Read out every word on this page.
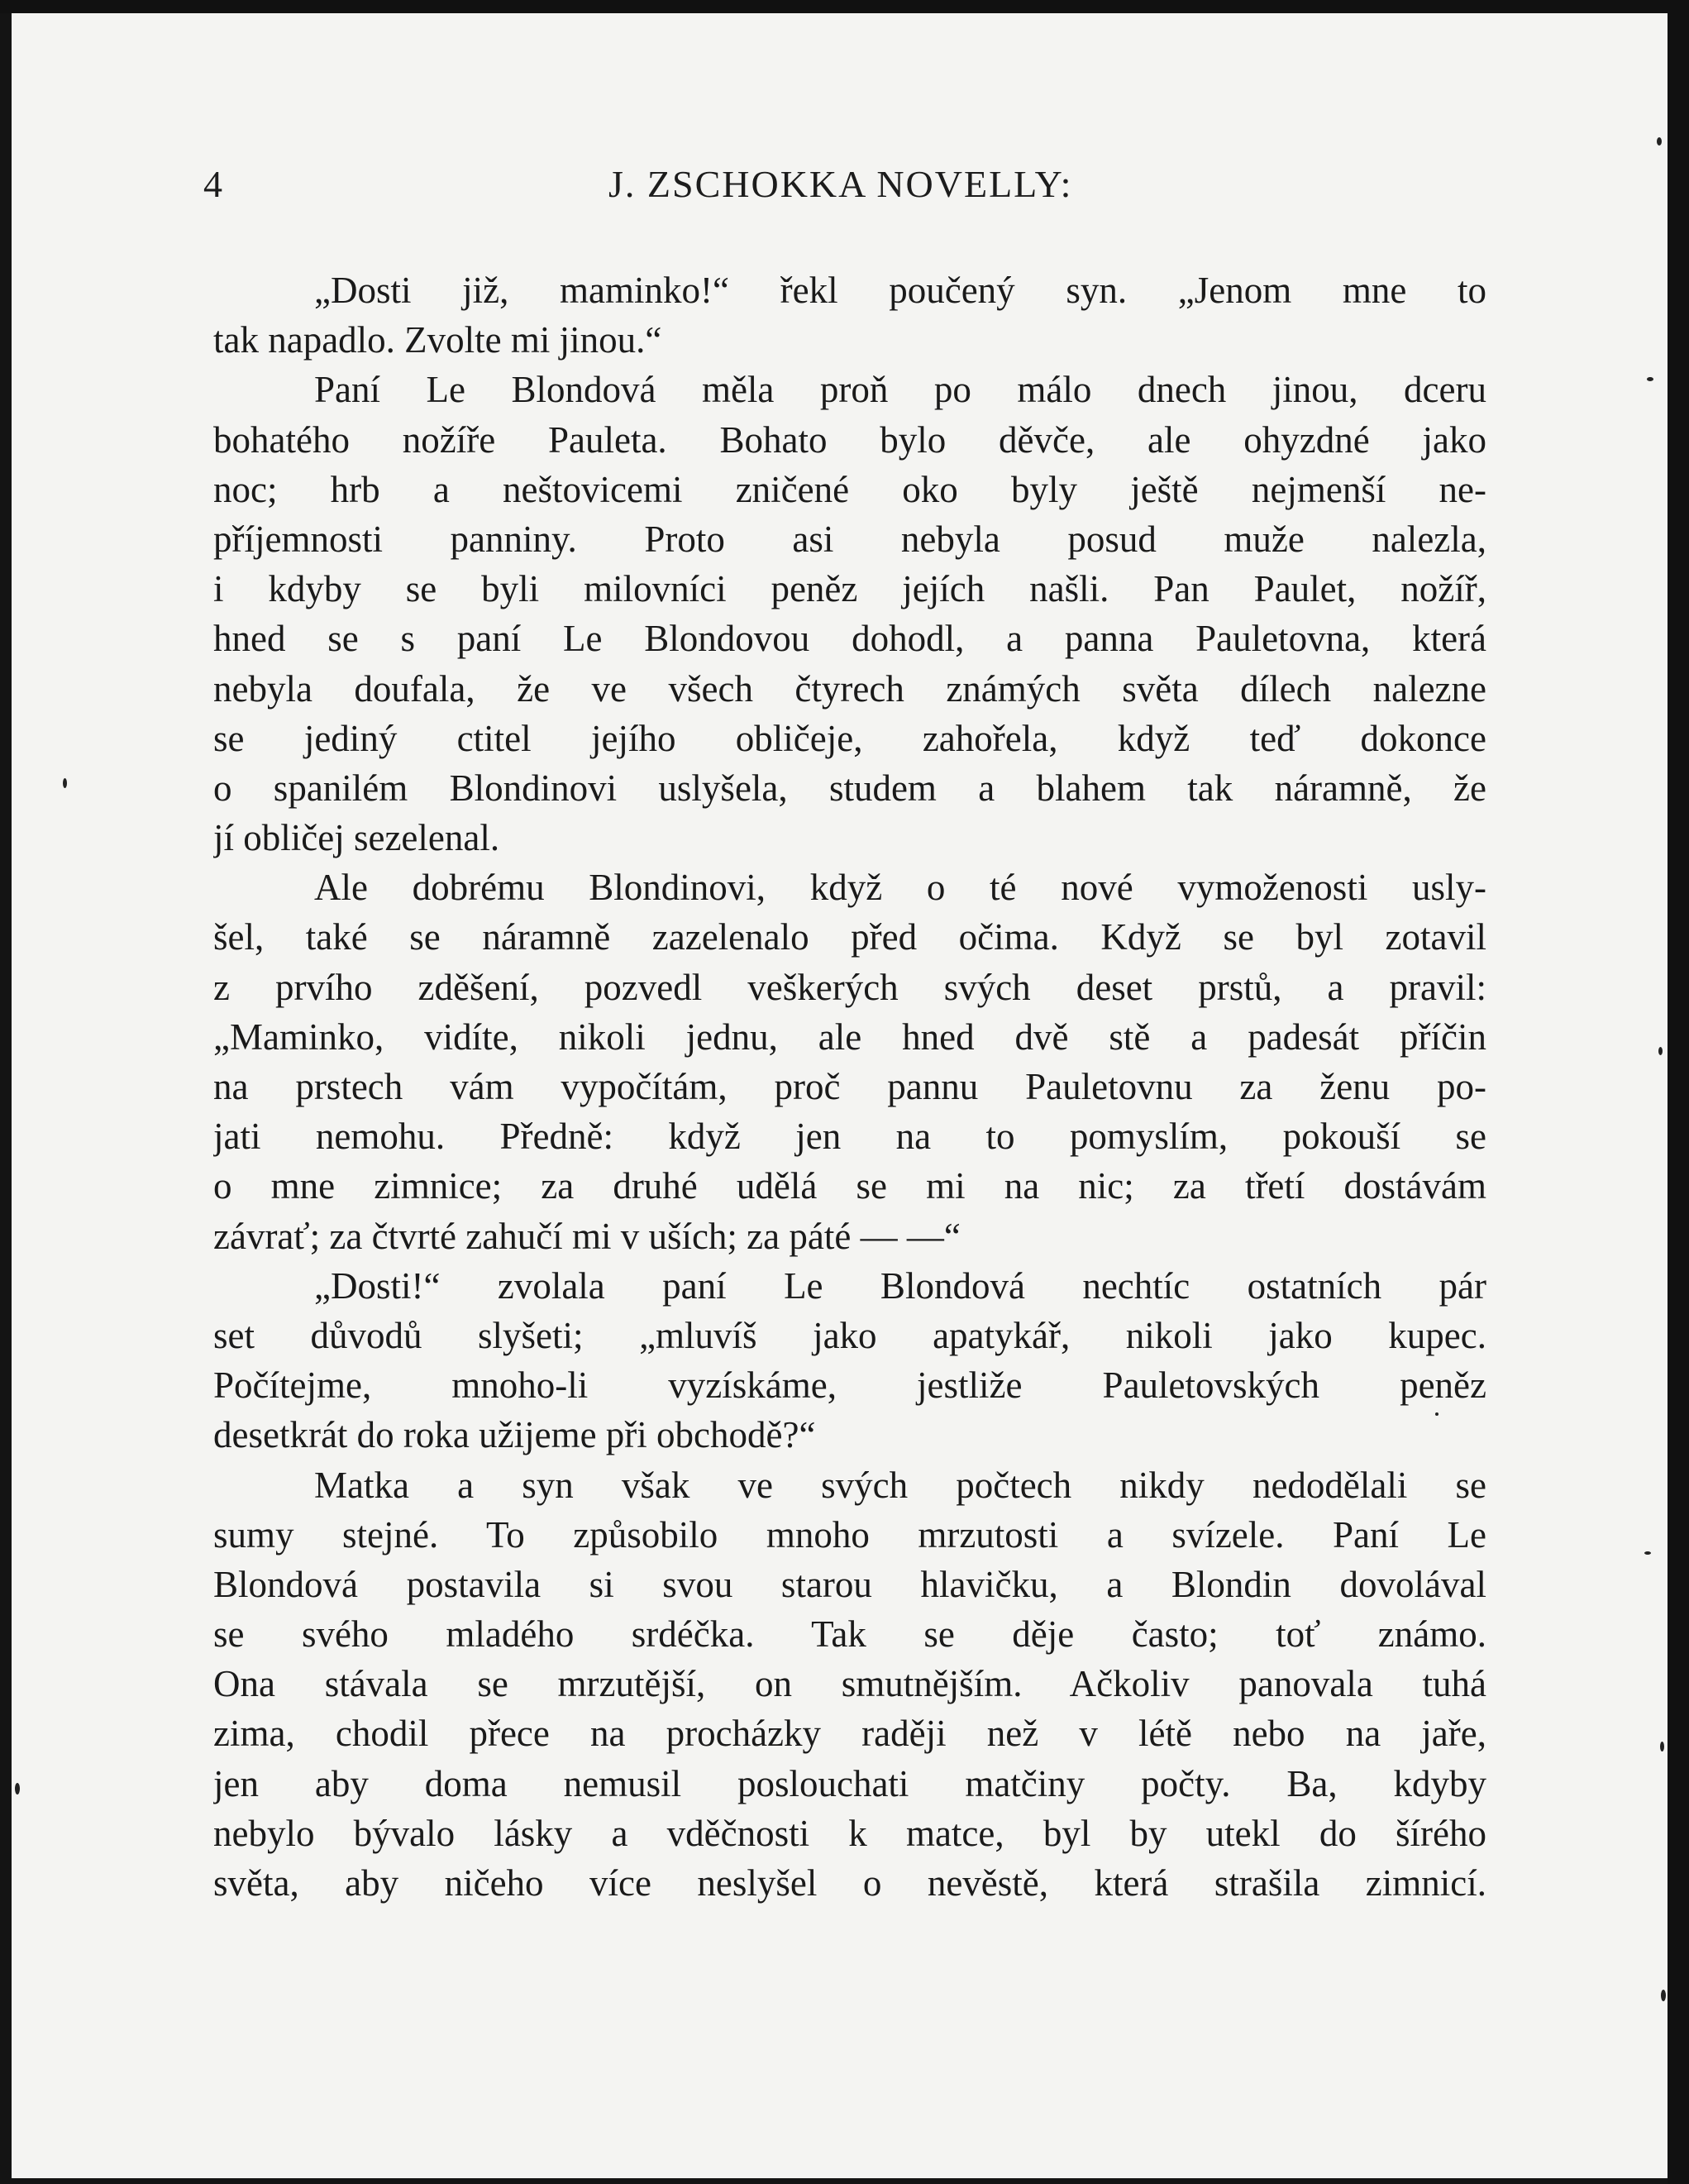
4	J. ZSCHOKKA NOVELLY:
„Dosti již, maminko!“ řekl poučený syn. „Jenom mne to
tak napadlo. Zvolte mi jinou.“
Paní Le Blondová měla proň po málo dnech jinou, dceru
bohatého nožíře Pauleta. Bohato bylo děvče, ale ohyzdné jako
noc; hrb a neštovicemi zničené oko byly ještě nejmenší ne-
příjemnosti panniny. Proto asi nebyla posud muže nalezla,
i kdyby se byli milovníci peněz jejích našli. Pan Paulet, nožíř,
hned se s paní Le Blondovou dohodl, a panna Pauletovna, která
nebyla doufala, že ve všech čtyrech známých světa dílech nalezne
se jediný ctitel jejího obličeje, zahořela, když teď dokonce
o spanilém Blondinovi uslyšela, studem a blahem tak náramně, že
jí obličej sezelenal.
Ale dobrému Blondinovi, když o té nové vymoženosti usly-
šel, také se náramně zazelenalo před očima. Když se byl zotavil
z prvího zděšení, pozvedl veškerých svých deset prstů, a pravil:
„Maminko, vidíte, nikoli jednu, ale hned dvě stě a padesát příčin
na prstech vám vypočítám, proč pannu Pauletovnu za ženu po-
jati nemohu. Předně: když jen na to pomyslím, pokouší se
o mne zimnice; za druhé udělá se mi na nic; za třetí dostávám
závrať; za čtvrté zahučí mi v uších; za páté — —“
„Dosti!“ zvolala paní Le Blondová nechtíc ostatních pár
set důvodů slyšeti; „mluvíš jako apatykář, nikoli jako kupec.
Počítejme, mnoho-li vyzískáme, jestliže Pauletovských peněz
desetkrát do roka užijeme při obchodě?“
Matka a syn však ve svých počtech nikdy nedodělali se
sumy stejné. To způsobilo mnoho mrzutosti a svízele. Paní Le
Blondová postavila si svou starou hlavičku, a Blondin dovolával
se svého mladého srdéčka. Tak se děje často; toť známo.
Ona stávala se mrzutější, on smutnějším. Ačkoliv panovala tuhá
zima, chodil přece na procházky raději než v létě nebo na jaře,
jen aby doma nemusil poslouchati matčiny počty. Ba, kdyby
nebylo bývalo lásky a vděčnosti k matce, byl by utekl do šírého
světa, aby ničeho více neslyšel o nevěstě, která strašila zimnicí.
